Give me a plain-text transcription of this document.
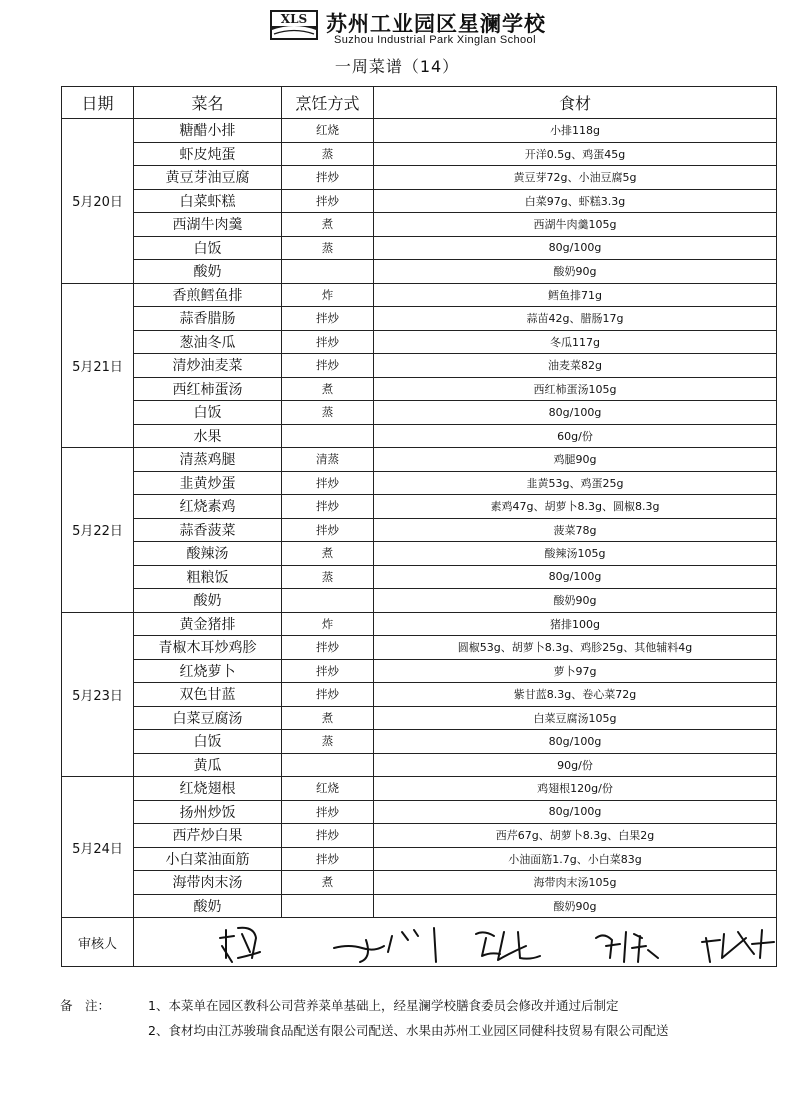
XLS 苏州工业园区星澜学校
Suzhou Industrial Park Xinglan School
一周菜谱（14）
日期	菜名	烹饪方式	食材
5月20日	糖醋小排	红烧	小排118g
	虾皮炖蛋	蒸	开洋0.5g、鸡蛋45g
	黄豆芽油豆腐	拌炒	黄豆芽72g、小油豆腐5g
	白菜虾糕	拌炒	白菜97g、虾糕3.3g
	西湖牛肉羹	煮	西湖牛肉羹105g
	白饭	蒸	80g/100g
	酸奶		酸奶90g
5月21日	香煎鳕鱼排	炸	鳕鱼排71g
	蒜香腊肠	拌炒	蒜苗42g、腊肠17g
	葱油冬瓜	拌炒	冬瓜117g
	清炒油麦菜	拌炒	油麦菜82g
	西红柿蛋汤	煮	西红柿蛋汤105g
	白饭	蒸	80g/100g
	水果		60g/份
5月22日	清蒸鸡腿	清蒸	鸡腿90g
	韭黄炒蛋	拌炒	韭黄53g、鸡蛋25g
	红烧素鸡	拌炒	素鸡47g、胡萝卜8.3g、圆椒8.3g
	蒜香菠菜	拌炒	菠菜78g
	酸辣汤	煮	酸辣汤105g
	粗粮饭	蒸	80g/100g
	酸奶		酸奶90g
5月23日	黄金猪排	炸	猪排100g
	青椒木耳炒鸡胗	拌炒	圆椒53g、胡萝卜8.3g、鸡胗25g、其他辅料4g
	红烧萝卜	拌炒	萝卜97g
	双色甘蓝	拌炒	紫甘蓝8.3g、卷心菜72g
	白菜豆腐汤	煮	白菜豆腐汤105g
	白饭	蒸	80g/100g
	黄瓜		90g/份
5月24日	红烧翅根	红烧	鸡翅根120g/份
	扬州炒饭	拌炒	80g/100g
	西芹炒白果	拌炒	西芹67g、胡萝卜8.3g、白果2g
	小白菜油面筋	拌炒	小油面筋1.7g、小白菜83g
	海带肉末汤	煮	海带肉末汤105g
	酸奶		酸奶90g
审核人	
备　注：	1、本菜单在园区教科公司营养菜单基础上，经星澜学校膳食委员会修改并通过后制定
2、食材均由江苏骏瑞食品配送有限公司配送、水果由苏州工业园区同健科技贸易有限公司配送
